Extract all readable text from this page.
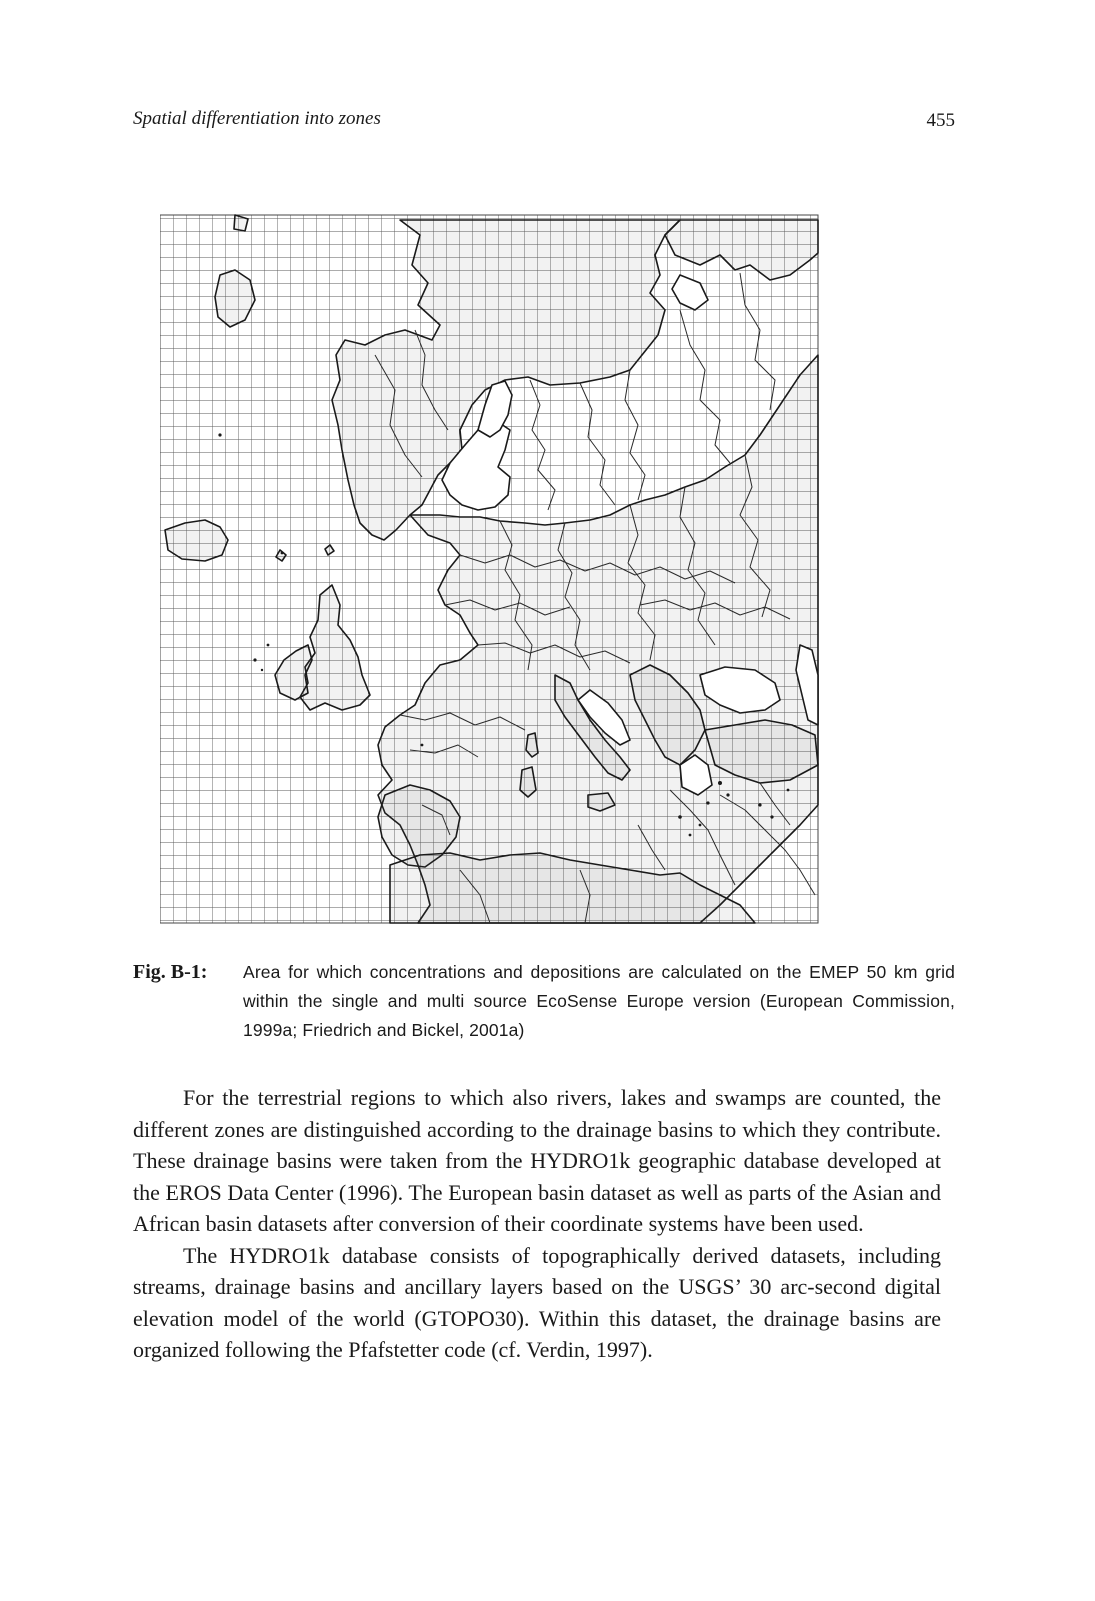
Spatial differentiation into zones	455
Fig. B-1:	Area for which concentrations and depositions are calculated on the EMEP 50 km grid within the single and multi source EcoSense Europe version (European Commission, 1999a; Friedrich and Bickel, 2001a)

For the terrestrial regions to which also rivers, lakes and swamps are counted, the different zones are distinguished according to the drainage basins to which they contribute. These drainage basins were taken from the HYDRO1k geographic database developed at the EROS Data Center (1996). The European basin dataset as well as parts of the Asian and African basin datasets after conversion of their coordinate systems have been used.

The HYDRO1k database consists of topographically derived datasets, including streams, drainage basins and ancillary layers based on the USGS’ 30 arc-second digital elevation model of the world (GTOPO30). Within this dataset, the drainage basins are organized following the Pfafstetter code (cf. Verdin, 1997).
